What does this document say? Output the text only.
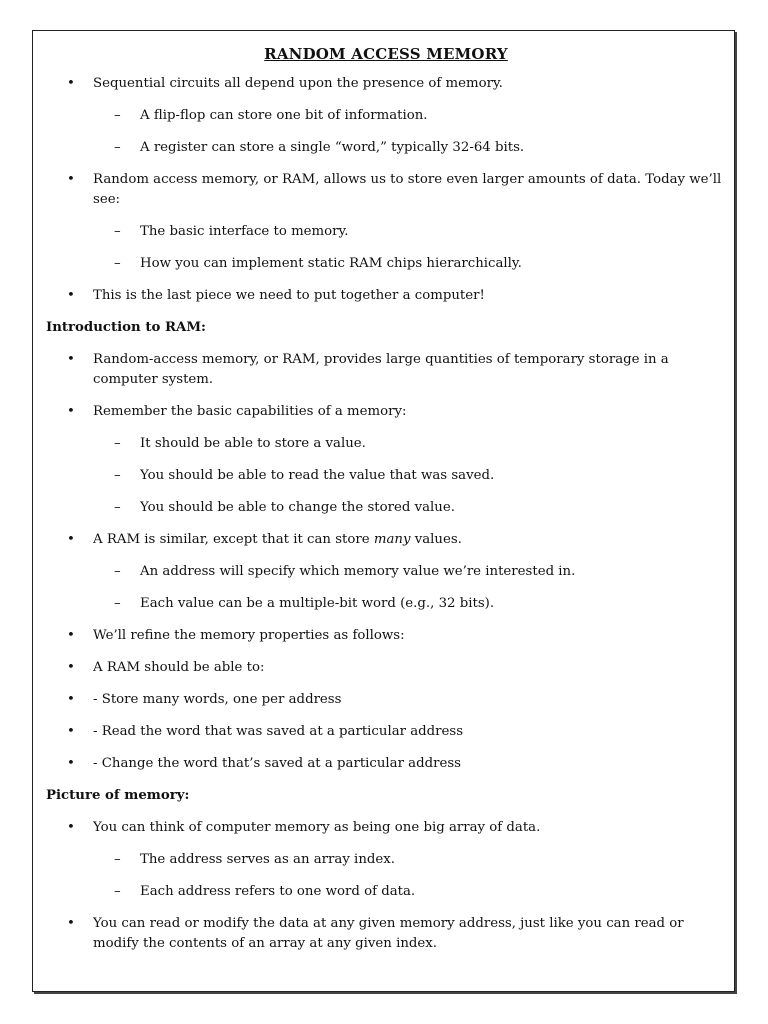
RANDOM ACCESS MEMORY
• Sequential circuits all depend upon the presence of memory.
– A flip-flop can store one bit of information.
– A register can store a single “word,” typically 32-64 bits.
• Random access memory, or RAM, allows us to store even larger amounts of data. Today we’ll see:
– The basic interface to memory.
– How you can implement static RAM chips hierarchically.
• This is the last piece we need to put together a computer!
Introduction to RAM:
• Random-access memory, or RAM, provides large quantities of temporary storage in a computer system.
• Remember the basic capabilities of a memory:
– It should be able to store a value.
– You should be able to read the value that was saved.
– You should be able to change the stored value.
• A RAM is similar, except that it can store many values.
– An address will specify which memory value we’re interested in.
– Each value can be a multiple-bit word (e.g., 32 bits).
• We’ll refine the memory properties as follows:
• A RAM should be able to:
• - Store many words, one per address
• - Read the word that was saved at a particular address
• - Change the word that’s saved at a particular address
Picture of memory:
• You can think of computer memory as being one big array of data.
– The address serves as an array index.
– Each address refers to one word of data.
• You can read or modify the data at any given memory address, just like you can read or modify the contents of an array at any given index.
